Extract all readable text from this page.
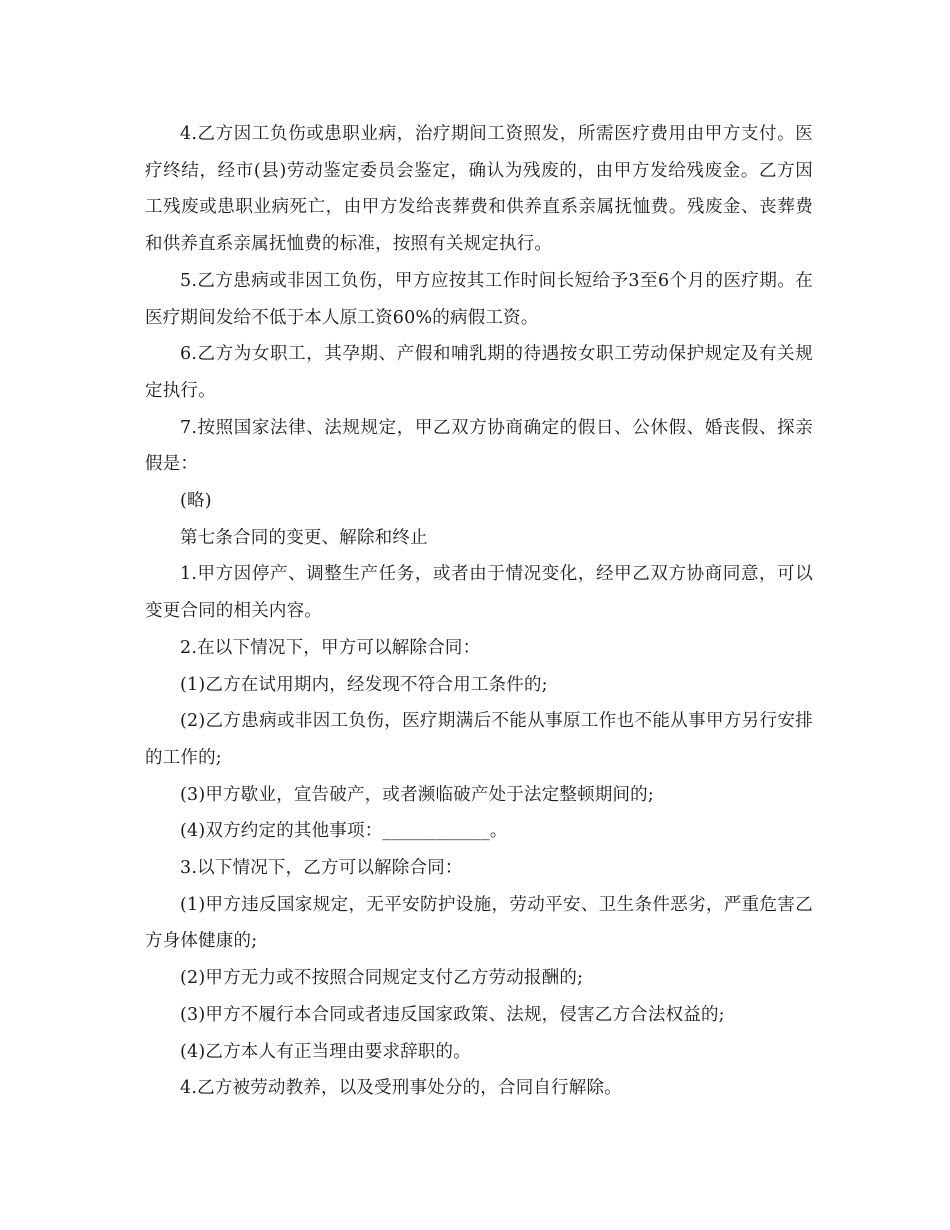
4.乙方因工负伤或患职业病，治疗期间工资照发，所需医疗费用由甲方支付。医疗终结，经市(县)劳动鉴定委员会鉴定，确认为残废的，由甲方发给残废金。乙方因工残废或患职业病死亡，由甲方发给丧葬费和供养直系亲属抚恤费。残废金、丧葬费和供养直系亲属抚恤费的标准，按照有关规定执行。

5.乙方患病或非因工负伤，甲方应按其工作时间长短给予3至6个月的医疗期。在医疗期间发给不低于本人原工资60%的病假工资。

6.乙方为女职工，其孕期、产假和哺乳期的待遇按女职工劳动保护规定及有关规定执行。

7.按照国家法律、法规规定，甲乙双方协商确定的假日、公休假、婚丧假、探亲假是：

(略)

第七条合同的变更、解除和终止

1.甲方因停产、调整生产任务，或者由于情况变化，经甲乙双方协商同意，可以变更合同的相关内容。

2.在以下情况下，甲方可以解除合同：

(1)乙方在试用期内，经发现不符合用工条件的;

(2)乙方患病或非因工负伤，医疗期满后不能从事原工作也不能从事甲方另行安排的工作的;

(3)甲方歇业，宣告破产，或者濒临破产处于法定整顿期间的;

(4)双方约定的其他事项：____________。

3.以下情况下，乙方可以解除合同：

(1)甲方违反国家规定，无平安防护设施，劳动平安、卫生条件恶劣，严重危害乙方身体健康的;

(2)甲方无力或不按照合同规定支付乙方劳动报酬的;

(3)甲方不履行本合同或者违反国家政策、法规，侵害乙方合法权益的;

(4)乙方本人有正当理由要求辞职的。

4.乙方被劳动教养，以及受刑事处分的，合同自行解除。
